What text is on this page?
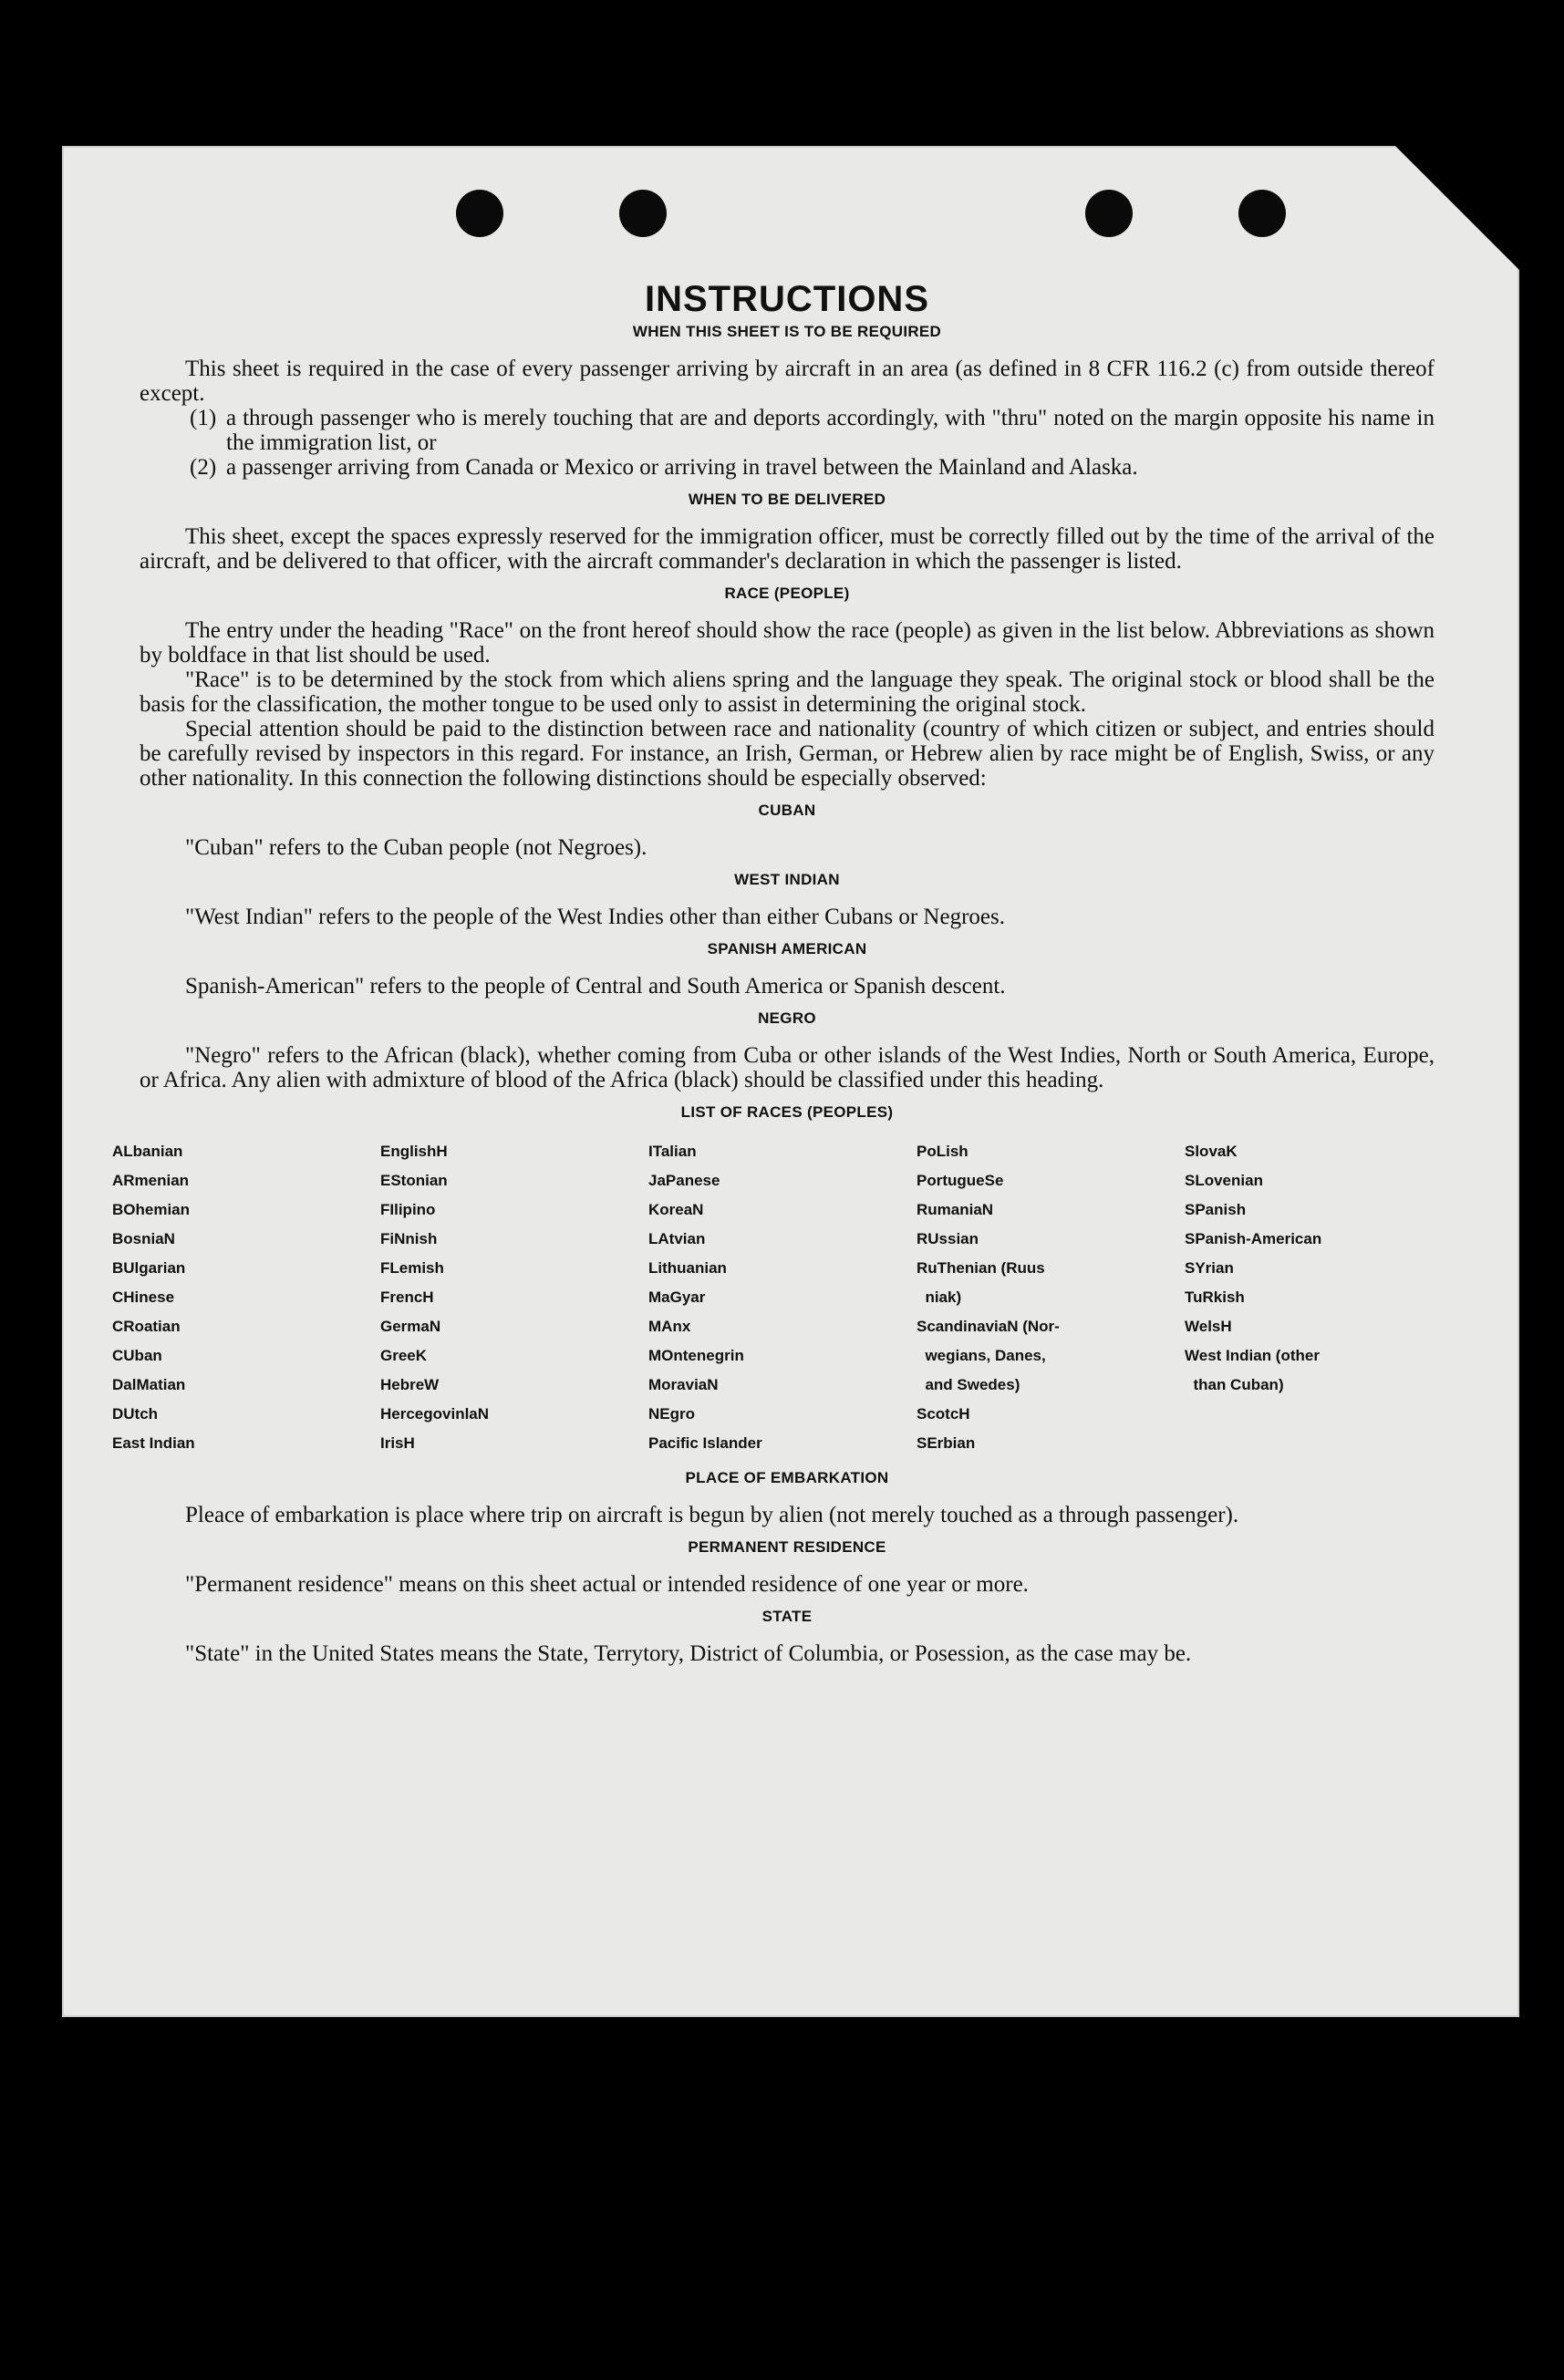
INSTRUCTIONS
WHEN THIS SHEET IS TO BE REQUIRED

This sheet is required in the case of every passenger arriving by aircraft in an area (as defined in 8 CFR 116.2 (c) from outside thereof except.

(1) a through passenger who is merely touching that are and deports accordingly, with "thru" noted on the margin opposite his name in the immigration list, or
(2) a passenger arriving from Canada or Mexico or arriving in travel between the Mainland and Alaska.
WHEN TO BE DELIVERED

This sheet, except the spaces expressly reserved for the immigration officer, must be correctly filled out by the time of the arrival of the aircraft, and be delivered to that officer, with the aircraft commander's declaration in which the passenger is listed.

RACE (PEOPLE)

The entry under the heading "Race" on the front hereof should show the race (people) as given in the list below. Abbreviations as shown by boldface in that list should be used.

"Race" is to be determined by the stock from which aliens spring and the language they speak. The original stock or blood shall be the basis for the classification, the mother tongue to be used only to assist in determining the original stock.

Special attention should be paid to the distinction between race and nationality (country of which citizen or subject, and entries should be carefully revised by inspectors in this regard. For instance, an Irish, German, or Hebrew alien by race might be of English, Swiss, or any other nationality. In this connection the following distinctions should be especially observed:

CUBAN

"Cuban" refers to the Cuban people (not Negroes).

WEST INDIAN

"West Indian" refers to the people of the West Indies other than either Cubans or Negroes.

SPANISH AMERICAN

Spanish-American" refers to the people of Central and South America or Spanish descent.

NEGRO

"Negro" refers to the African (black), whether coming from Cuba or other islands of the West Indies, North or South America, Europe, or Africa. Any alien with admixture of blood of the Africa (black) should be classified under this heading.

LIST OF RACES (PEOPLES)
ALbanian
ARmenian
BOhemian
BosniaN
BUlgarian
CHinese
CRoatian
CUban
DalMatian
DUtch
East Indian
EnglishH
EStonian
FIlipino
FiNnish
FLemish
FrencH
GermaN
GreeK
HebreW
HercegovinlaN
IrisH
ITalian
JaPanese
KoreaN
LAtvian
Lithuanian
MaGyar
MAnx
MOntenegrin
MoraviaN
NEgro
Pacific Islander
PoLish
PortugueSe
RumaniaN
RUssian
RuThenian (Ruus
niak)
ScandinaviaN (Nor-
wegians, Danes,
and Swedes)
ScotcH
SErbian
SlovaK
SLovenian
SPanish
SPanish-American
SYrian
TuRkish
WelsH
West Indian (other
than Cuban)
PLACE OF EMBARKATION

Pleace of embarkation is place where trip on aircraft is begun by alien (not merely touched as a through passenger).

PERMANENT RESIDENCE

"Permanent residence" means on this sheet actual or intended residence of one year or more.

STATE

"State" in the United States means the State, Terrytory, District of Columbia, or Posession, as the case may be.
